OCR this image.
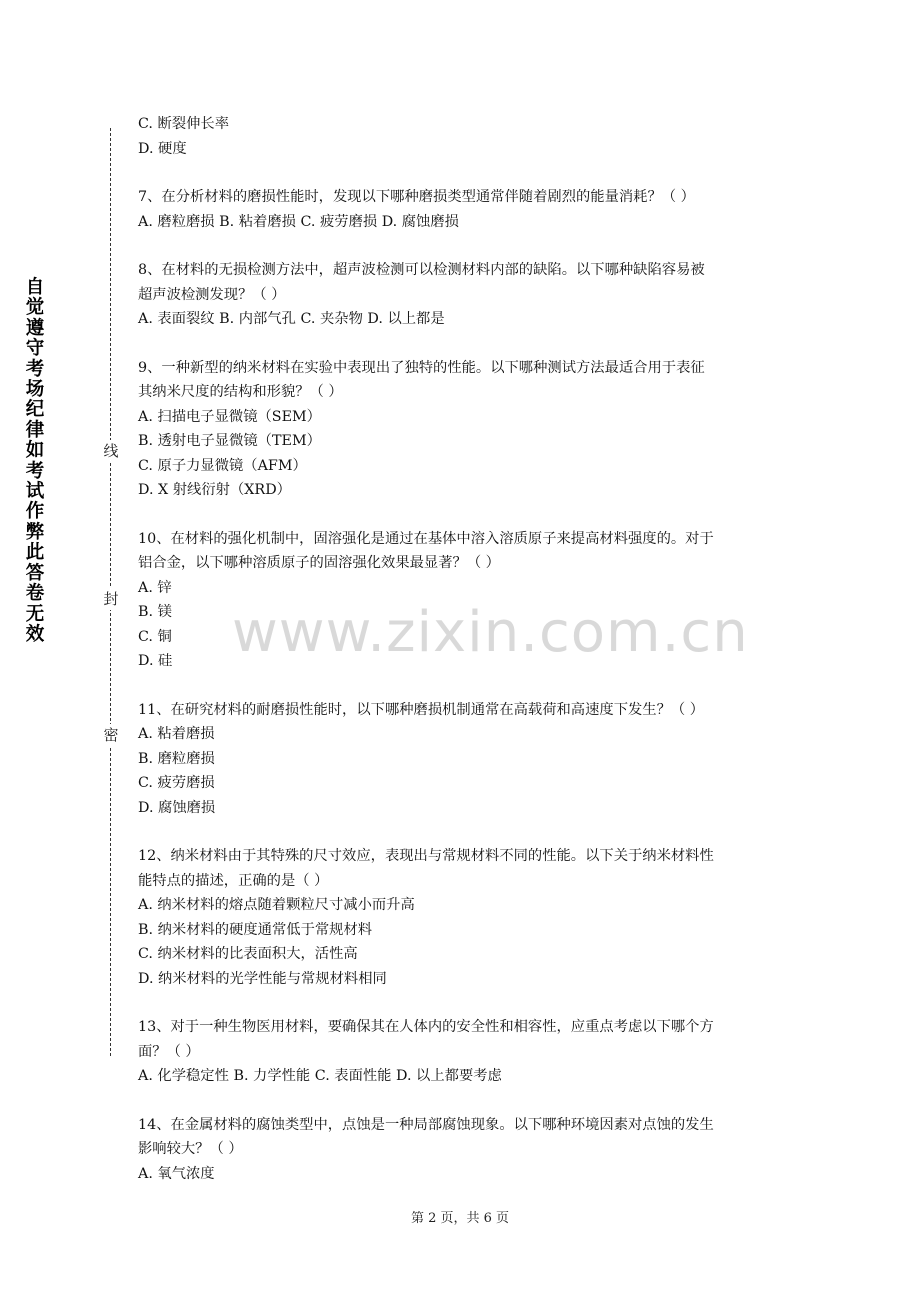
自
觉
遵
守
考
场
纪
律
如
考
试
作
弊
此
答
卷
无
效
线
封
密
C. 断裂伸长率
D. 硬度
7、在分析材料的磨损性能时，发现以下哪种磨损类型通常伴随着剧烈的能量消耗？（ ）
A. 磨粒磨损 B. 粘着磨损 C. 疲劳磨损 D. 腐蚀磨损
8、在材料的无损检测方法中，超声波检测可以检测材料内部的缺陷。以下哪种缺陷容易被
超声波检测发现？（ ）
A. 表面裂纹 B. 内部气孔 C. 夹杂物 D. 以上都是
9、一种新型的纳米材料在实验中表现出了独特的性能。以下哪种测试方法最适合用于表征
其纳米尺度的结构和形貌？（ ）
A. 扫描电子显微镜（SEM）
B. 透射电子显微镜（TEM）
C. 原子力显微镜（AFM）
D. X 射线衍射（XRD）
10、在材料的强化机制中，固溶强化是通过在基体中溶入溶质原子来提高材料强度的。对于
铝合金，以下哪种溶质原子的固溶强化效果最显著？（ ）
A. 锌
B. 镁
C. 铜
D. 硅
11、在研究材料的耐磨损性能时，以下哪种磨损机制通常在高载荷和高速度下发生？（ ）
A. 粘着磨损
B. 磨粒磨损
C. 疲劳磨损
D. 腐蚀磨损
12、纳米材料由于其特殊的尺寸效应，表现出与常规材料不同的性能。以下关于纳米材料性
能特点的描述，正确的是（ ）
A. 纳米材料的熔点随着颗粒尺寸减小而升高
B. 纳米材料的硬度通常低于常规材料
C. 纳米材料的比表面积大，活性高
D. 纳米材料的光学性能与常规材料相同
13、对于一种生物医用材料，要确保其在人体内的安全性和相容性，应重点考虑以下哪个方
面？（ ）
A. 化学稳定性 B. 力学性能 C. 表面性能 D. 以上都要考虑
14、在金属材料的腐蚀类型中，点蚀是一种局部腐蚀现象。以下哪种环境因素对点蚀的发生
影响较大？（ ）
A. 氧气浓度
www.zixin.com.cn
第 2 页，共 6 页
